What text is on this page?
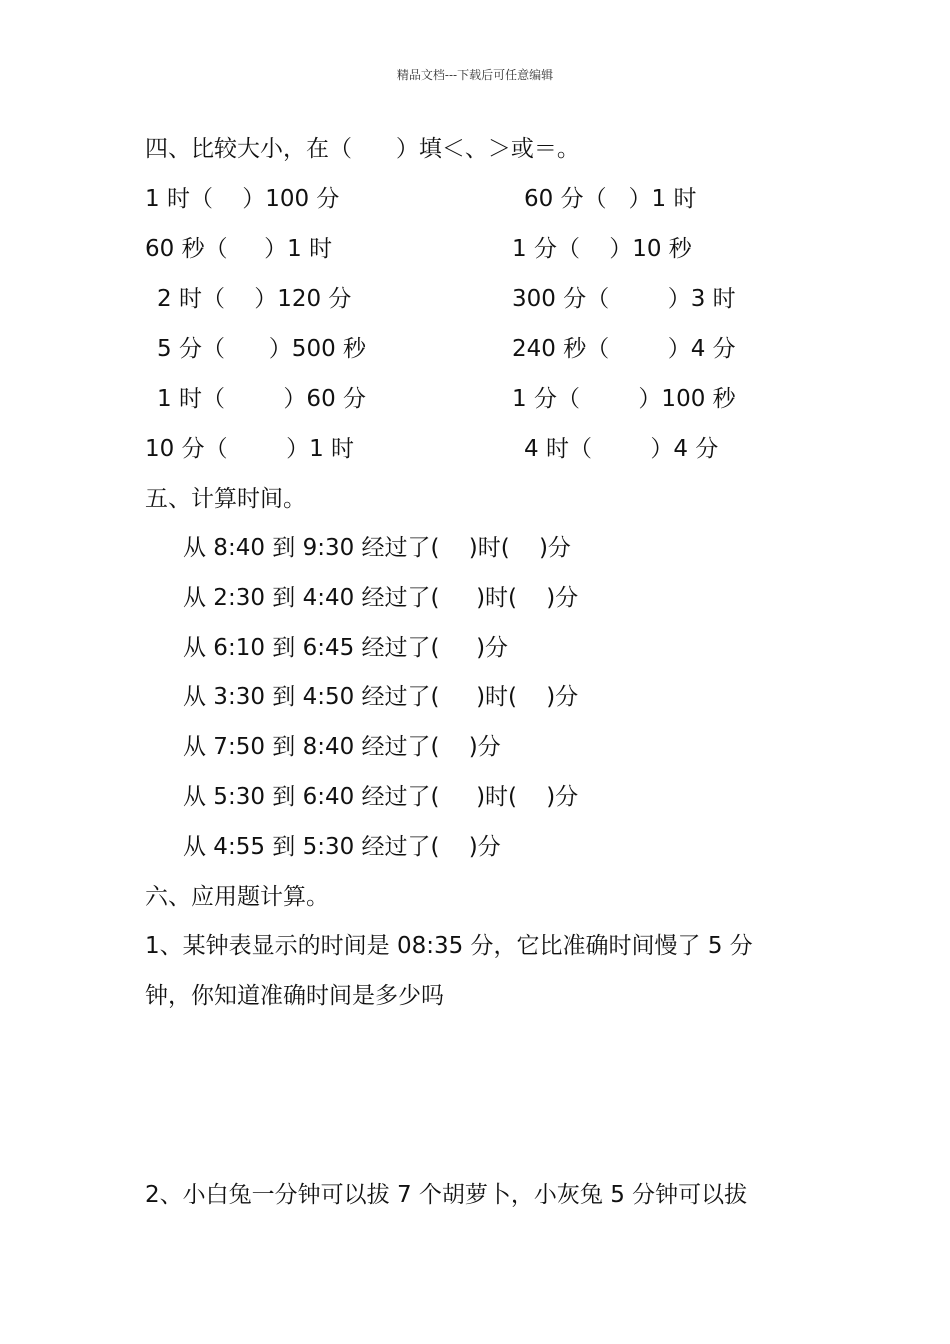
精品文档---下载后可任意编辑
四、比较大小，在（      ）填＜、＞或＝。
1 时（    ）100 分	60 分（   ）1 时
60 秒（     ）1 时	1 分（    ）10 秒
2 时（    ）120 分	300 分（        ）3 时
5 分（      ）500 秒	240 秒（        ）4 分
1 时（        ）60 分	1 分（        ）100 秒
10 分（        ）1 时	4 时（        ）4 分
五、计算时间。
从 8:40 到 9:30 经过了(    )时(    )分
从 2:30 到 4:40 经过了(     )时(    )分
从 6:10 到 6:45 经过了(     )分
从 3:30 到 4:50 经过了(     )时(    )分
从 7:50 到 8:40 经过了(    )分
从 5:30 到 6:40 经过了(     )时(    )分
从 4:55 到 5:30 经过了(    )分
六、应用题计算。
1、某钟表显示的时间是 08:35 分，它比准确时间慢了 5 分
钟，你知道准确时间是多少吗
2、小白兔一分钟可以拔 7 个胡萝卜，小灰兔 5 分钟可以拔
